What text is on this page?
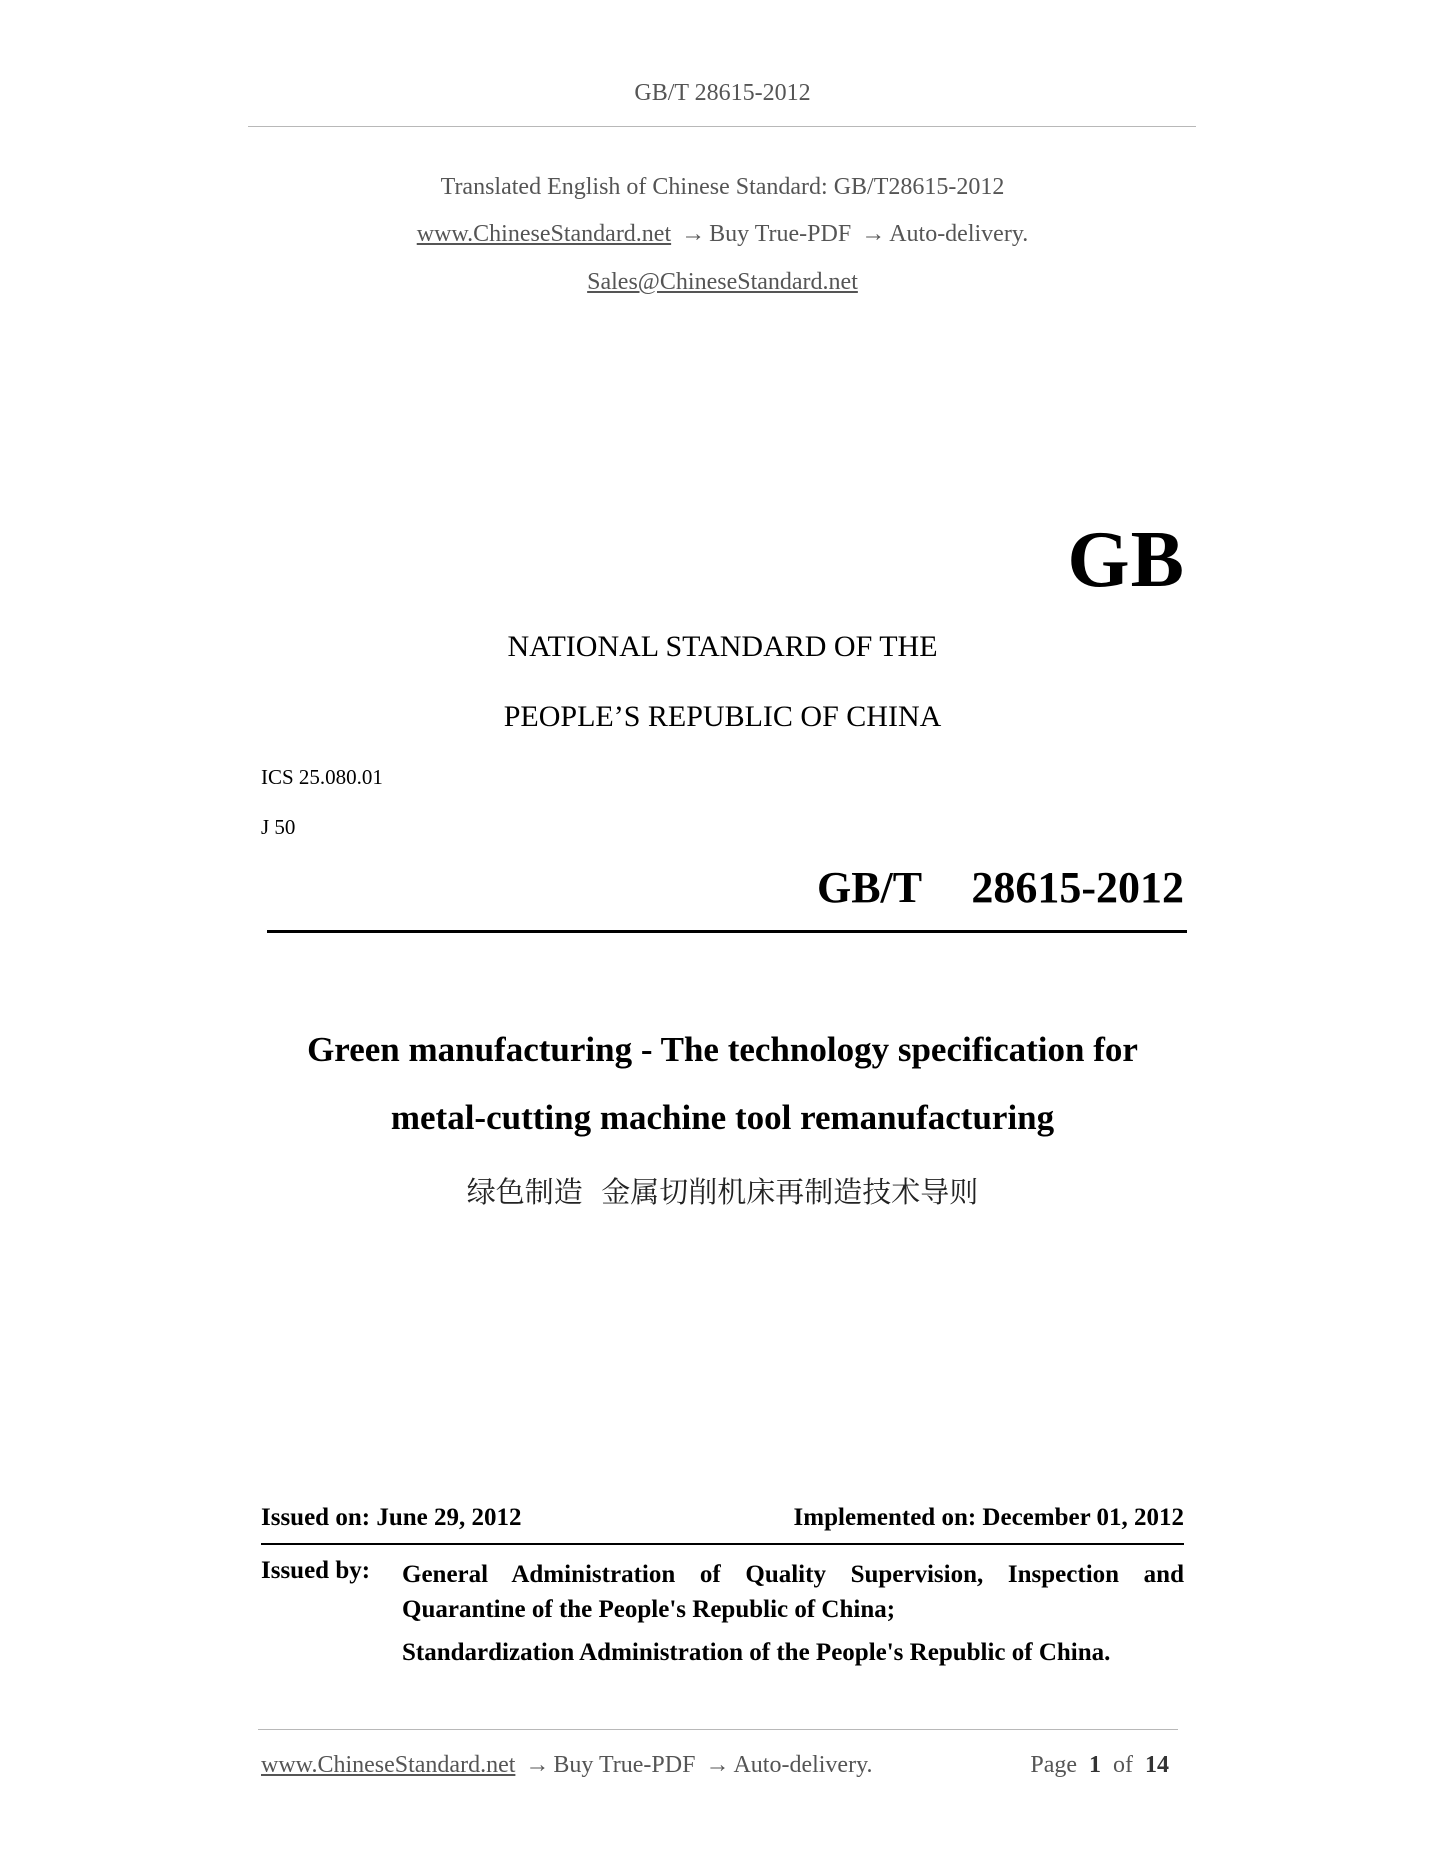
GB/T 28615-2012
Translated English of Chinese Standard: GB/T28615-2012
www.ChineseStandard.net → Buy True-PDF → Auto-delivery.
Sales@ChineseStandard.net
GB
NATIONAL STANDARD OF THE
PEOPLE’S REPUBLIC OF CHINA
ICS 25.080.01
J 50
GB/T  28615-2012
Green manufacturing - The technology specification for
metal-cutting machine tool remanufacturing
绿色制造  金属切削机床再制造技术导则
Issued on: June 29, 2012	Implemented on: December 01, 2012
Issued by: General Administration of Quality Supervision, Inspection and
Quarantine of the People's Republic of China;
Standardization Administration of the People's Republic of China.
www.ChineseStandard.net → Buy True-PDF → Auto-delivery.	Page 1 of 14
